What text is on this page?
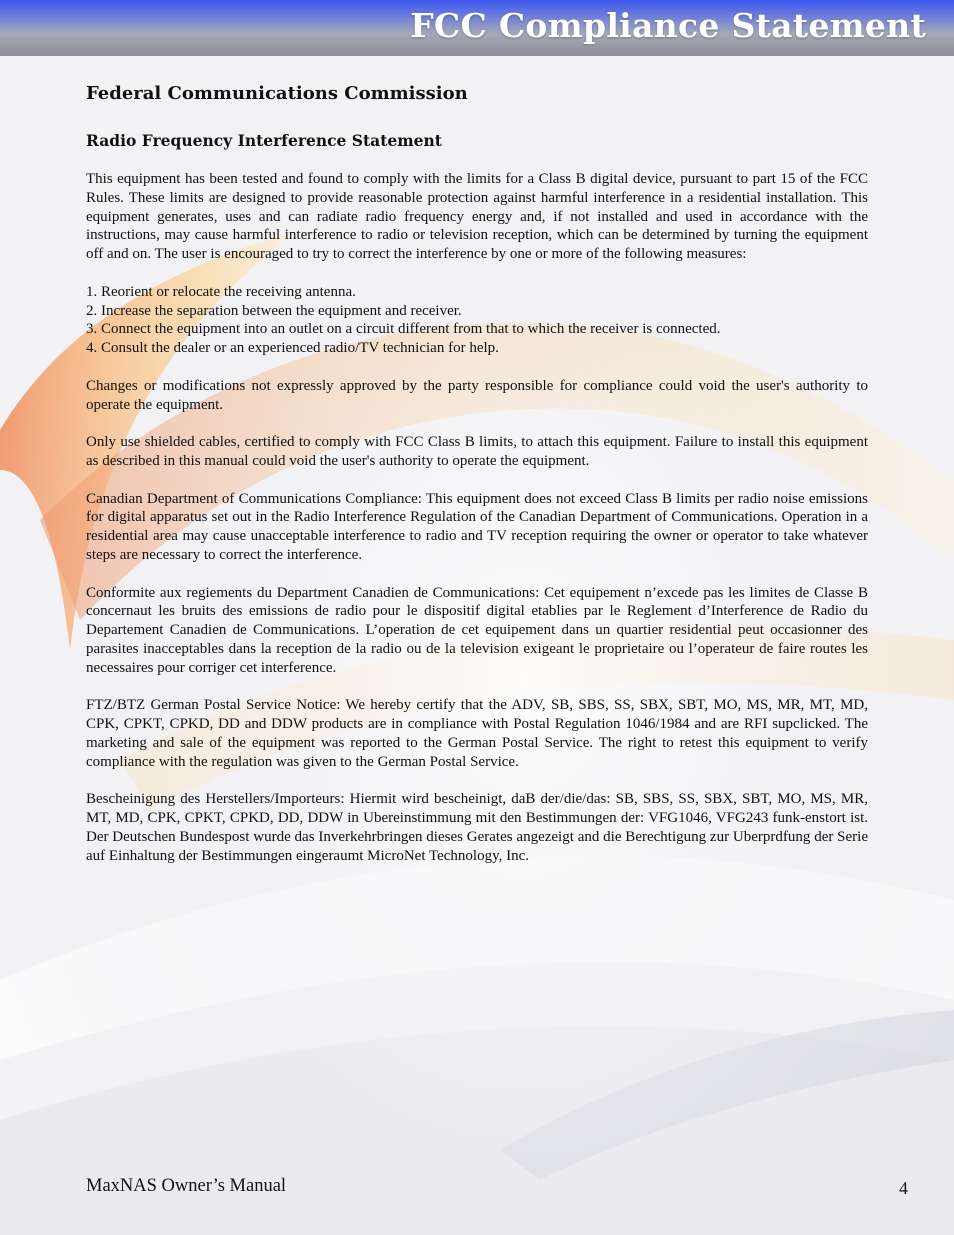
FCC Compliance Statement
Federal Communications Commission
Radio Frequency Interference Statement

This equipment has been tested and found to comply with the limits for a Class B digital device, pursuant to part 15 of the FCC Rules. These limits are designed to provide reasonable protection against harmful interference in a residential installation. This equipment generates, uses and can radiate radio frequency energy and, if not installed and used in accordance with the instructions, may cause harmful interference to radio or television reception, which can be determined by turning the equipment off and on. The user is encouraged to try to correct the interference by one or more of the following measures:

1. Reorient or relocate the receiving antenna.
2. Increase the separation between the equipment and receiver.
3. Connect the equipment into an outlet on a circuit different from that to which the receiver is connected.
4. Consult the dealer or an experienced radio/TV technician for help.

Changes or modifications not expressly approved by the party responsible for compliance could void the user's authority to operate the equipment.

Only use shielded cables, certified to comply with FCC Class B limits, to attach this equipment. Failure to install this equipment as described in this manual could void the user's authority to operate the equipment.

Canadian Department of Communications Compliance: This equipment does not exceed Class B limits per radio noise emissions for digital apparatus set out in the Radio Interference Regulation of the Canadian Department of Communications. Operation in a residential area may cause unacceptable interference to radio and TV reception requiring the owner or operator to take whatever steps are necessary to correct the interference.

Conformite aux regiements du Department Canadien de Communications: Cet equipement n’excede pas les limites de Classe B concernaut les bruits des emissions de radio pour le dispositif digital etablies par le Reglement d’Interference de Radio du Departement Canadien de Communications. L’operation de cet equipement dans un quartier residential peut occasionner des parasites inacceptables dans la reception de la radio ou de la television exigeant le proprietaire ou l’operateur de faire routes les necessaires pour corriger cet interference.

FTZ/BTZ German Postal Service Notice: We hereby certify that the ADV, SB, SBS, SS, SBX, SBT, MO, MS, MR, MT, MD, CPK, CPKT, CPKD, DD and DDW products are in compliance with Postal Regulation 1046/1984 and are RFI supclicked. The marketing and sale of the equipment was reported to the German Postal Service. The right to retest this equipment to verify compliance with the regulation was given to the German Postal Service.

Bescheinigung des Herstellers/Importeurs: Hiermit wird bescheinigt, daB der/die/das: SB, SBS, SS, SBX, SBT, MO, MS, MR, MT, MD, CPK, CPKT, CPKD, DD, DDW in Ubereinstimmung mit den Bestimmungen der: VFG1046, VFG243 funk-enstort ist. Der Deutschen Bundespost wurde das Inverkehrbringen dieses Gerates angezeigt and die Berechtigung zur Uberprdfung der Serie auf Einhaltung der Bestimmungen eingeraumt MicroNet Technology, Inc.

MaxNAS Owner’s Manual	4
